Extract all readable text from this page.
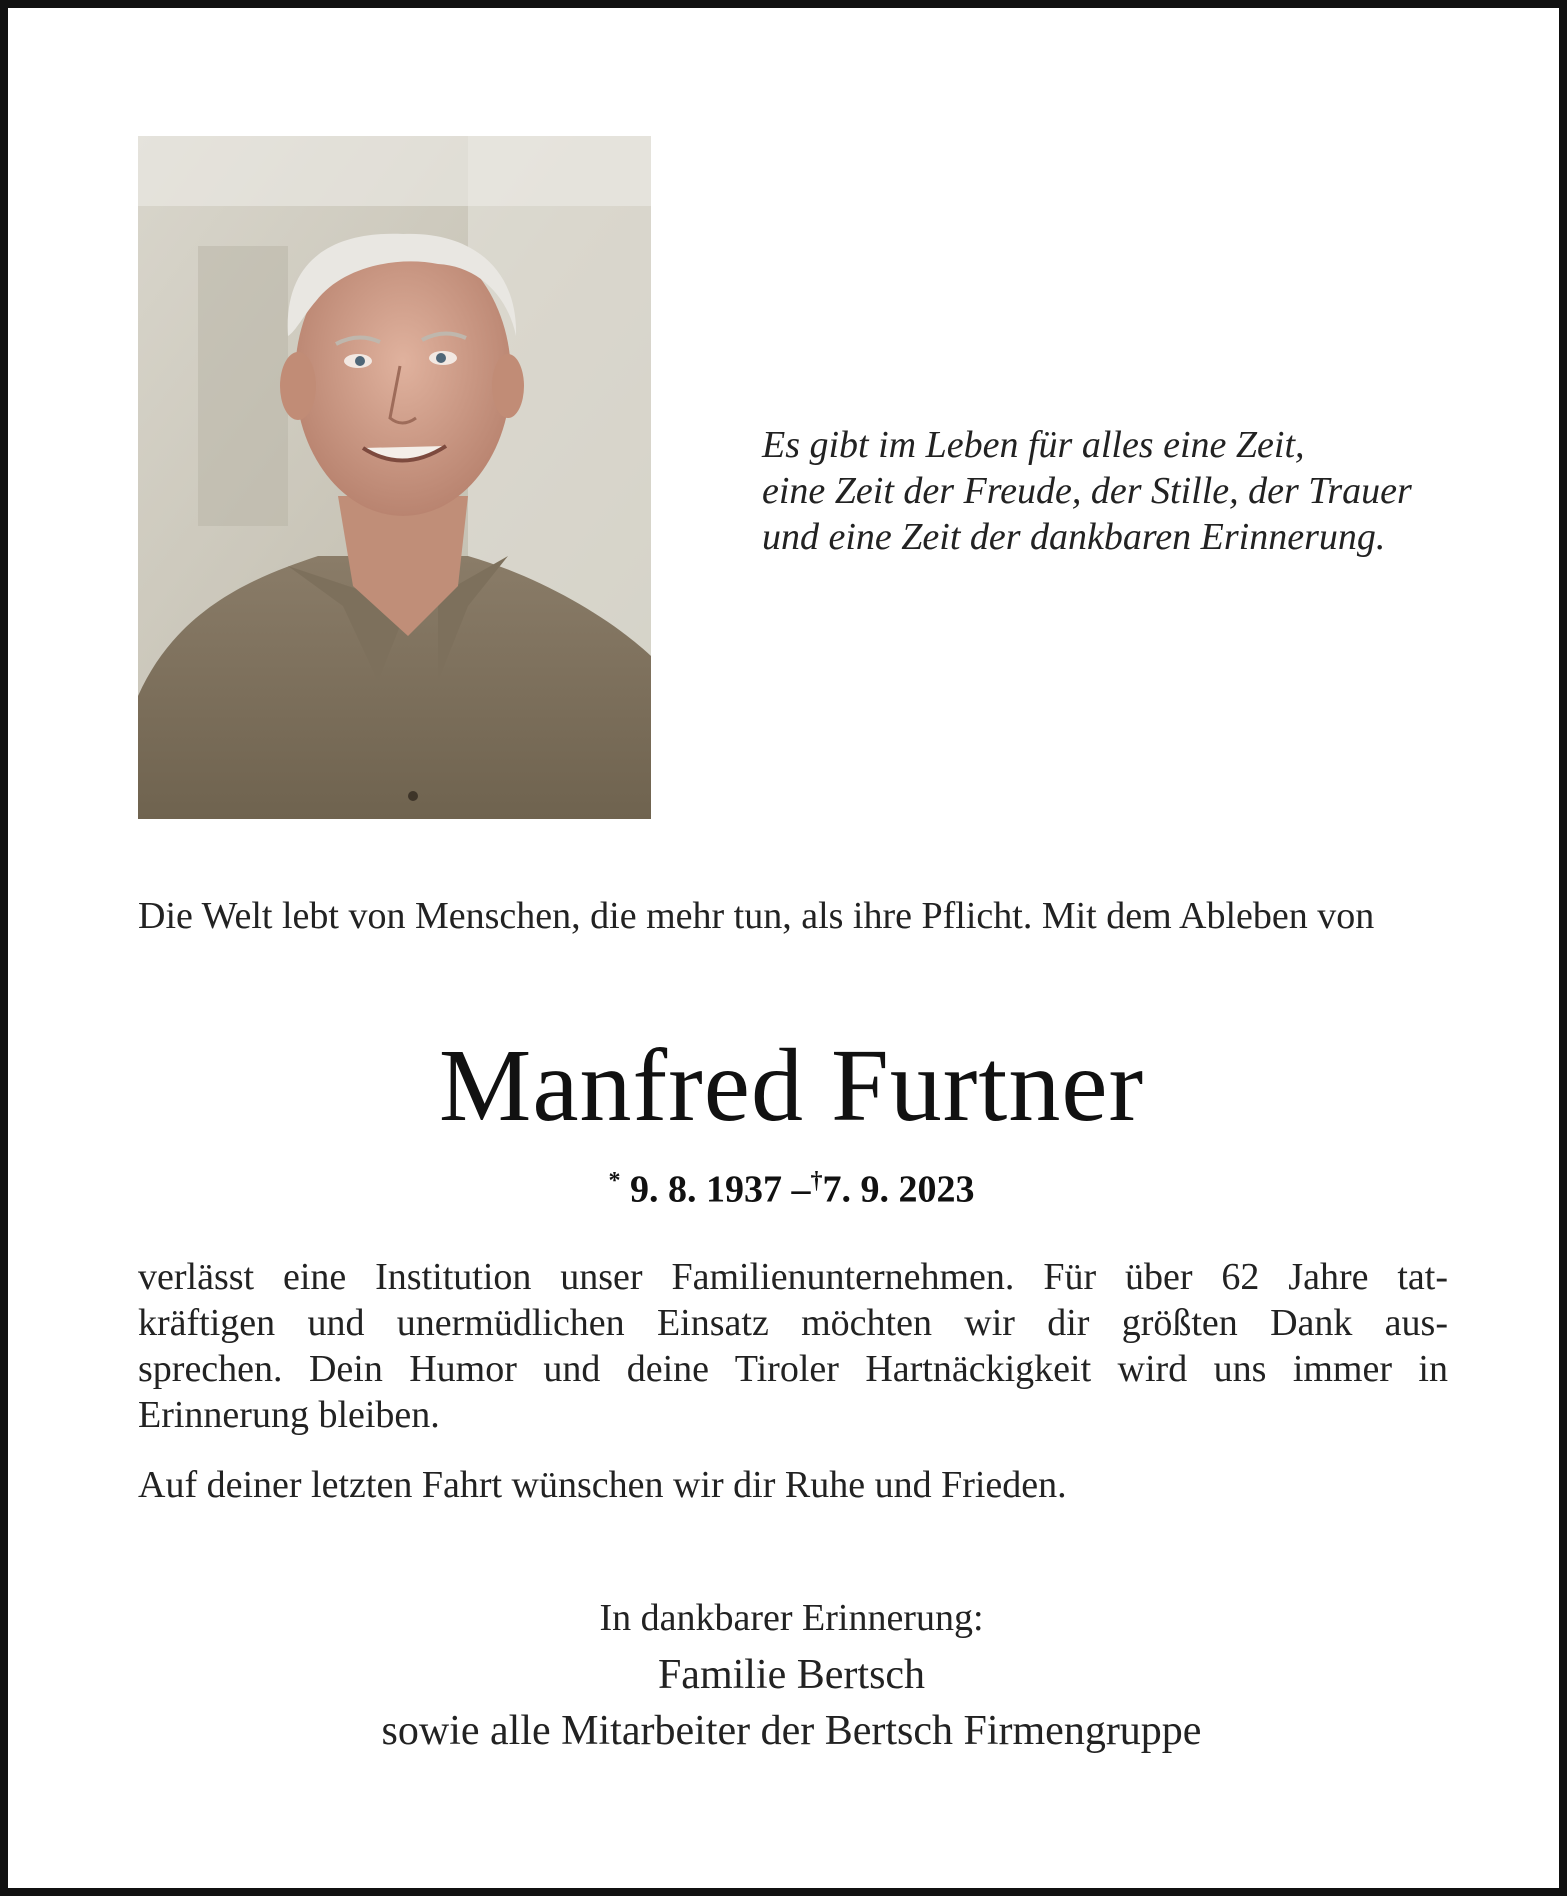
Es gibt im Leben für alles eine Zeit,
eine Zeit der Freude, der Stille, der Trauer
und eine Zeit der dankbaren Erinnerung.
Die Welt lebt von Menschen, die mehr tun, als ihre Pflicht. Mit dem Ableben von
Manfred Furtner
* 9. 8. 1937 –†7. 9. 2023
verlässt eine Institution unser Familienunternehmen. Für über 62 Jahre tat-
kräftigen und unermüdlichen Einsatz möchten wir dir größten Dank aus-
sprechen. Dein Humor und deine Tiroler Hartnäckigkeit wird uns immer in
Erinnerung bleiben.
Auf deiner letzten Fahrt wünschen wir dir Ruhe und Frieden.
In dankbarer Erinnerung:
Familie Bertsch
sowie alle Mitarbeiter der Bertsch Firmengruppe
